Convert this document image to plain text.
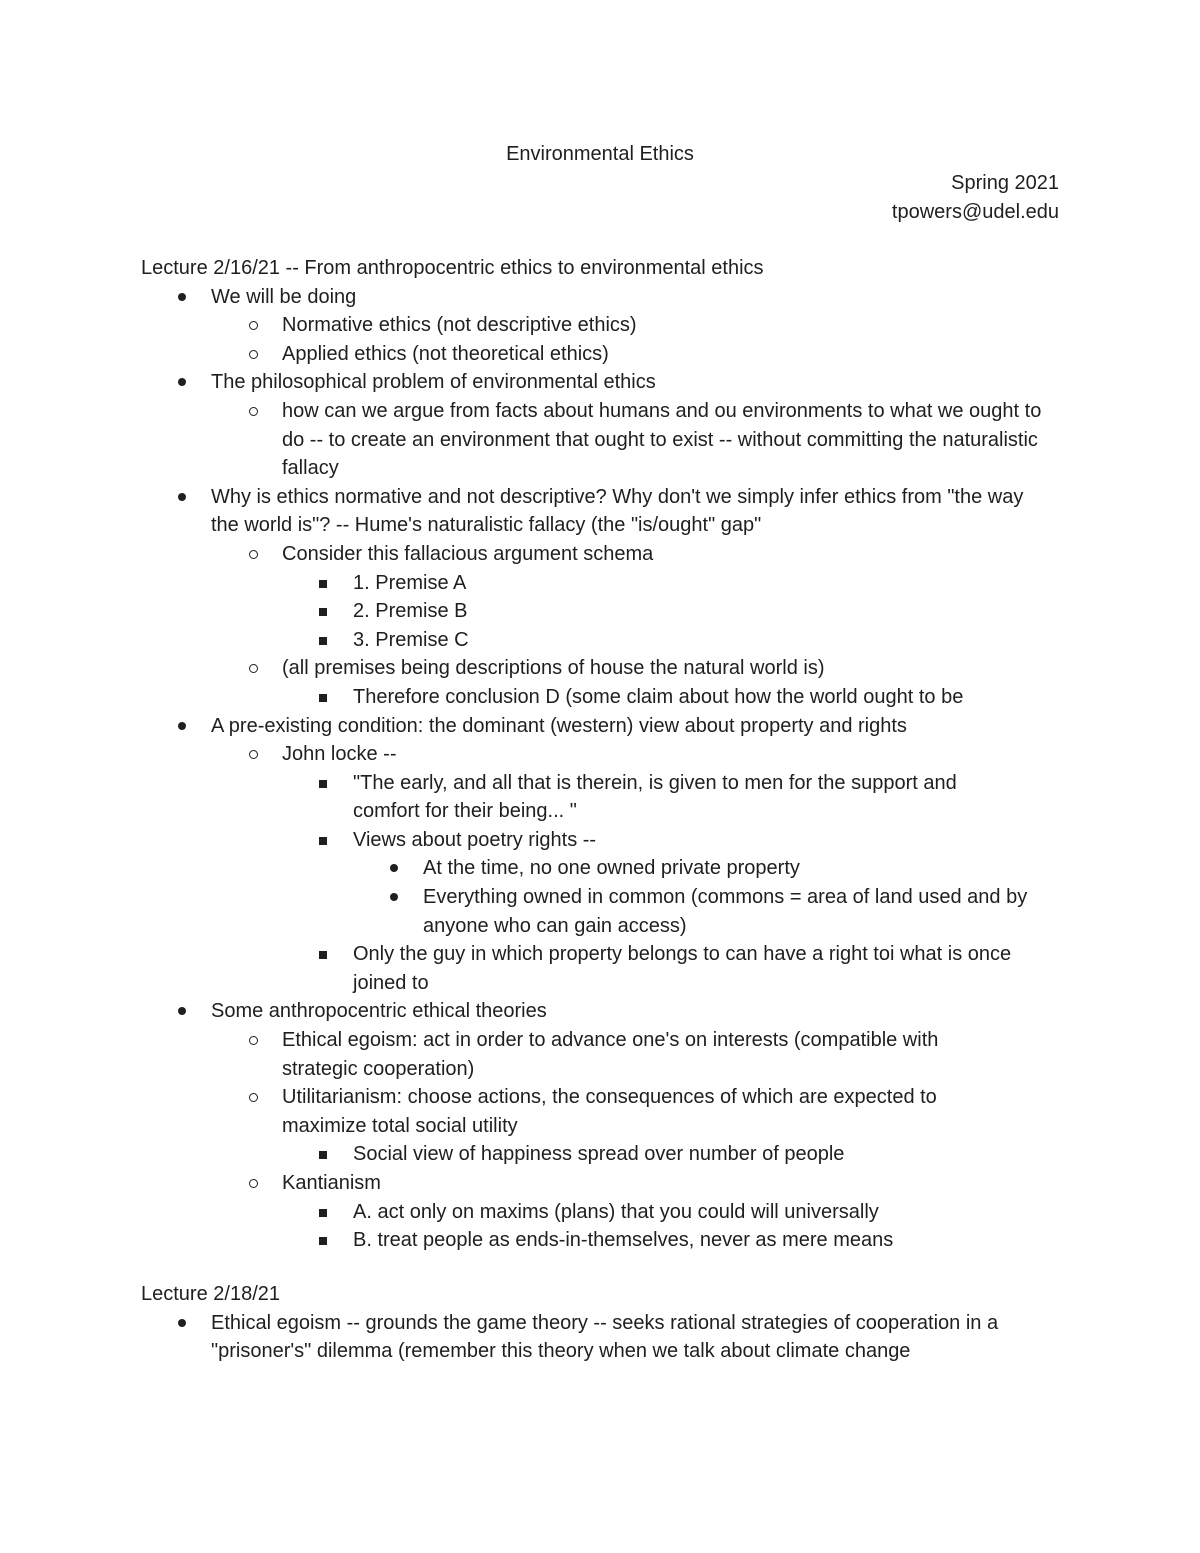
Environmental Ethics
Spring 2021
tpowers@udel.edu
Lecture 2/16/21 -- From anthropocentric ethics to environmental ethics
We will be doing
Normative ethics (not descriptive ethics)
Applied ethics (not theoretical ethics)
The philosophical problem of environmental ethics
how can we argue from facts about humans and ou environments to what we ought to do -- to create an environment that ought to exist -- without committing the naturalistic fallacy
Why is ethics normative and not descriptive? Why don't we simply infer ethics from "the way the world is"? -- Hume's naturalistic fallacy (the "is/ought" gap"
Consider this fallacious argument schema
1. Premise A
2. Premise B
3. Premise C
(all premises being descriptions of house the natural world is)
Therefore conclusion D (some claim about how the world ought to be
A pre-existing condition: the dominant (western) view about property and rights
John locke --
"The early, and all that is therein, is given to men for the support and comfort for their being... "
Views about poetry rights --
At the time, no one owned private property
Everything owned in common (commons = area of land used and by anyone who can gain access)
Only the guy in which property belongs to can have a right toi what is once joined to
Some anthropocentric ethical theories
Ethical egoism: act in order to advance one's on interests (compatible with strategic cooperation)
Utilitarianism: choose actions, the consequences of which are expected to maximize total social utility
Social view of happiness spread over number of people
Kantianism
A. act only on maxims (plans) that you could will universally
B. treat people as ends-in-themselves, never as mere means
Lecture 2/18/21
Ethical egoism -- grounds the game theory -- seeks rational strategies of cooperation in a "prisoner's" dilemma (remember this theory when we talk about climate change
